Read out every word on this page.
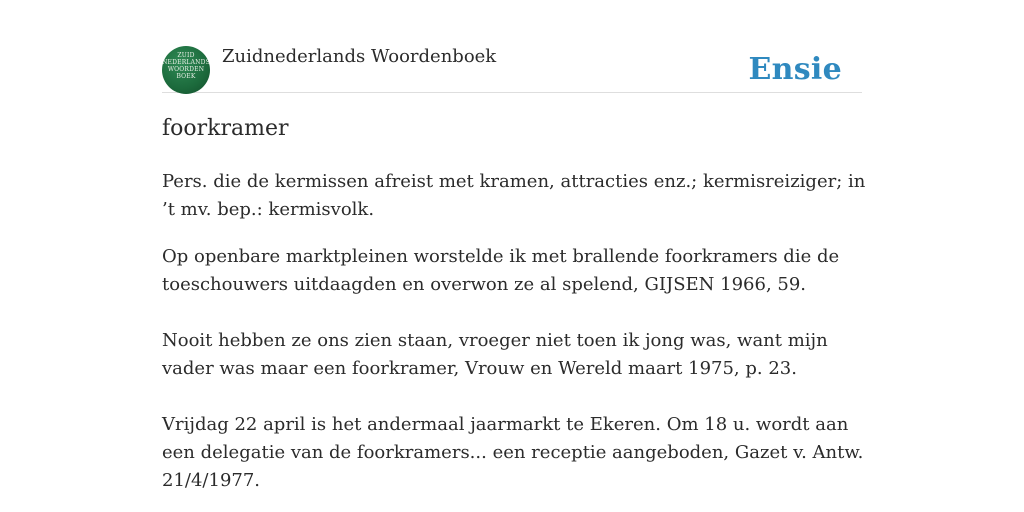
ZUID
NEDERLANDS
WOORDEN
BOEK
Zuidnederlands Woordenboek	Ensie
foorkramer

Pers. die de kermissen afreist met kramen, attracties enz.; kermisreiziger; in ’t mv. bep.: kermisvolk.

Op openbare marktpleinen worstelde ik met brallende foorkramers die de toeschouwers uitdaagden en overwon ze al spelend, GIJSEN 1966, 59.

Nooit hebben ze ons zien staan, vroeger niet toen ik jong was, want mijn vader was maar een foorkramer, Vrouw en Wereld maart 1975, p. 23.

Vrijdag 22 april is het andermaal jaarmarkt te Ekeren. Om 18 u. wordt aan een delegatie van de foorkramers... een receptie aangeboden, Gazet v. Antw. 21/4/1977.
